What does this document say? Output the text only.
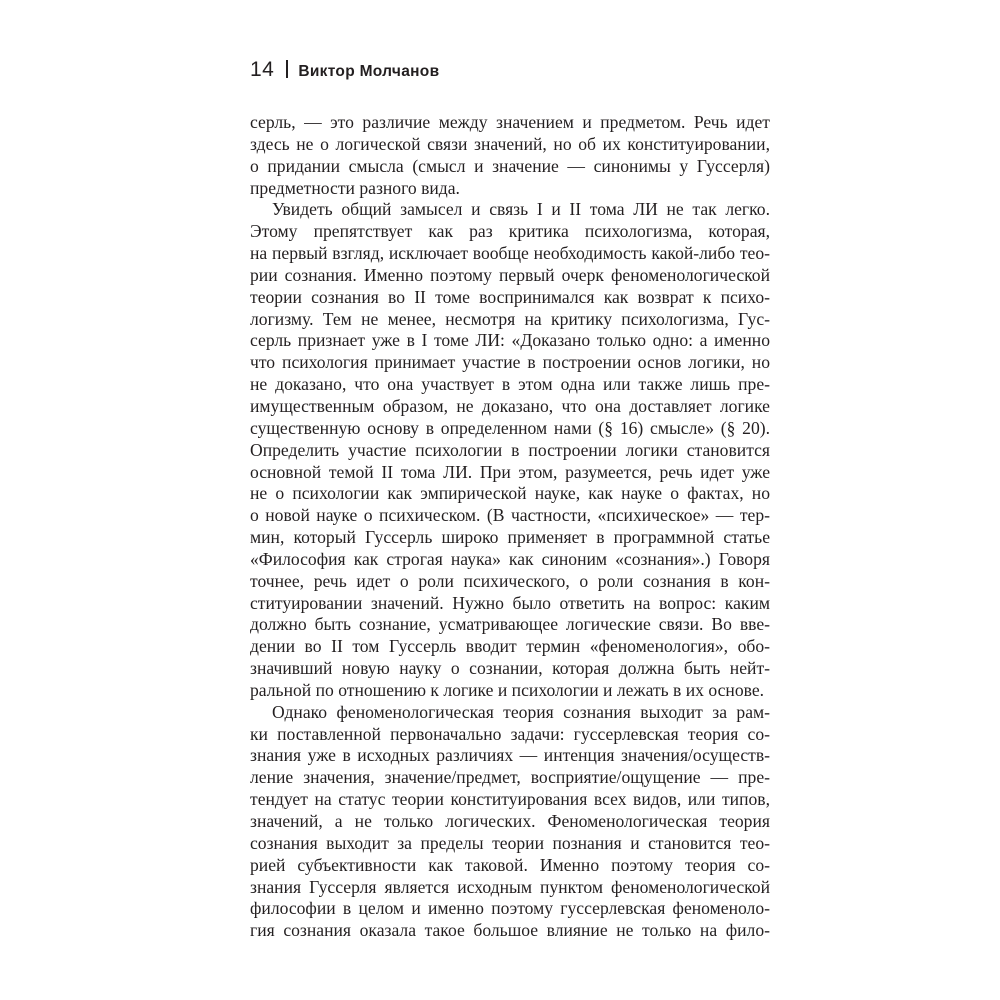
14 Виктор Молчанов
серль, — это различие между значением и предметом. Речь идет
здесь не о логической связи значений, но об их конституировании,
о придании смысла (смысл и значение — синонимы у Гуссерля)
предметности разного вида.
Увидеть общий замысел и связь I и II тома ЛИ не так легко.
Этому препятствует как раз критика психологизма, которая,
на первый взгляд, исключает вообще необходимость какой-либо тео-
рии сознания. Именно поэтому первый очерк феноменологической
теории сознания во II томе воспринимался как возврат к психо-
логизму. Тем не менее, несмотря на критику психологизма, Гус-
серль признает уже в I томе ЛИ: «Доказано только одно: а именно
что психология принимает участие в построении основ логики, но
не доказано, что она участвует в этом одна или также лишь пре-
имущественным образом, не доказано, что она доставляет логике
существенную основу в определенном нами (§ 16) смысле» (§ 20).
Определить участие психологии в построении логики становится
основной темой II тома ЛИ. При этом, разумеется, речь идет уже
не о психологии как эмпирической науке, как науке о фактах, но
о новой науке о психическом. (В частности, «психическое» — тер-
мин, который Гуссерль широко применяет в программной статье
«Философия как строгая наука» как синоним «сознания».) Говоря
точнее, речь идет о роли психического, о роли сознания в кон-
ституировании значений. Нужно было ответить на вопрос: каким
должно быть сознание, усматривающее логические связи. Во вве-
дении во II том Гуссерль вводит термин «феноменология», обо-
значивший новую науку о сознании, которая должна быть нейт-
ральной по отношению к логике и психологии и лежать в их основе.
Однако феноменологическая теория сознания выходит за рам-
ки поставленной первоначально задачи: гуссерлевская теория со-
знания уже в исходных различиях — интенция значения/осуществ-
ление значения, значение/предмет, восприятие/ощущение — пре-
тендует на статус теории конституирования всех видов, или типов,
значений, а не только логических. Феноменологическая теория
сознания выходит за пределы теории познания и становится тео-
рией субъективности как таковой. Именно поэтому теория со-
знания Гуссерля является исходным пунктом феноменологической
философии в целом и именно поэтому гуссерлевская феноменоло-
гия сознания оказала такое большое влияние не только на фило-
